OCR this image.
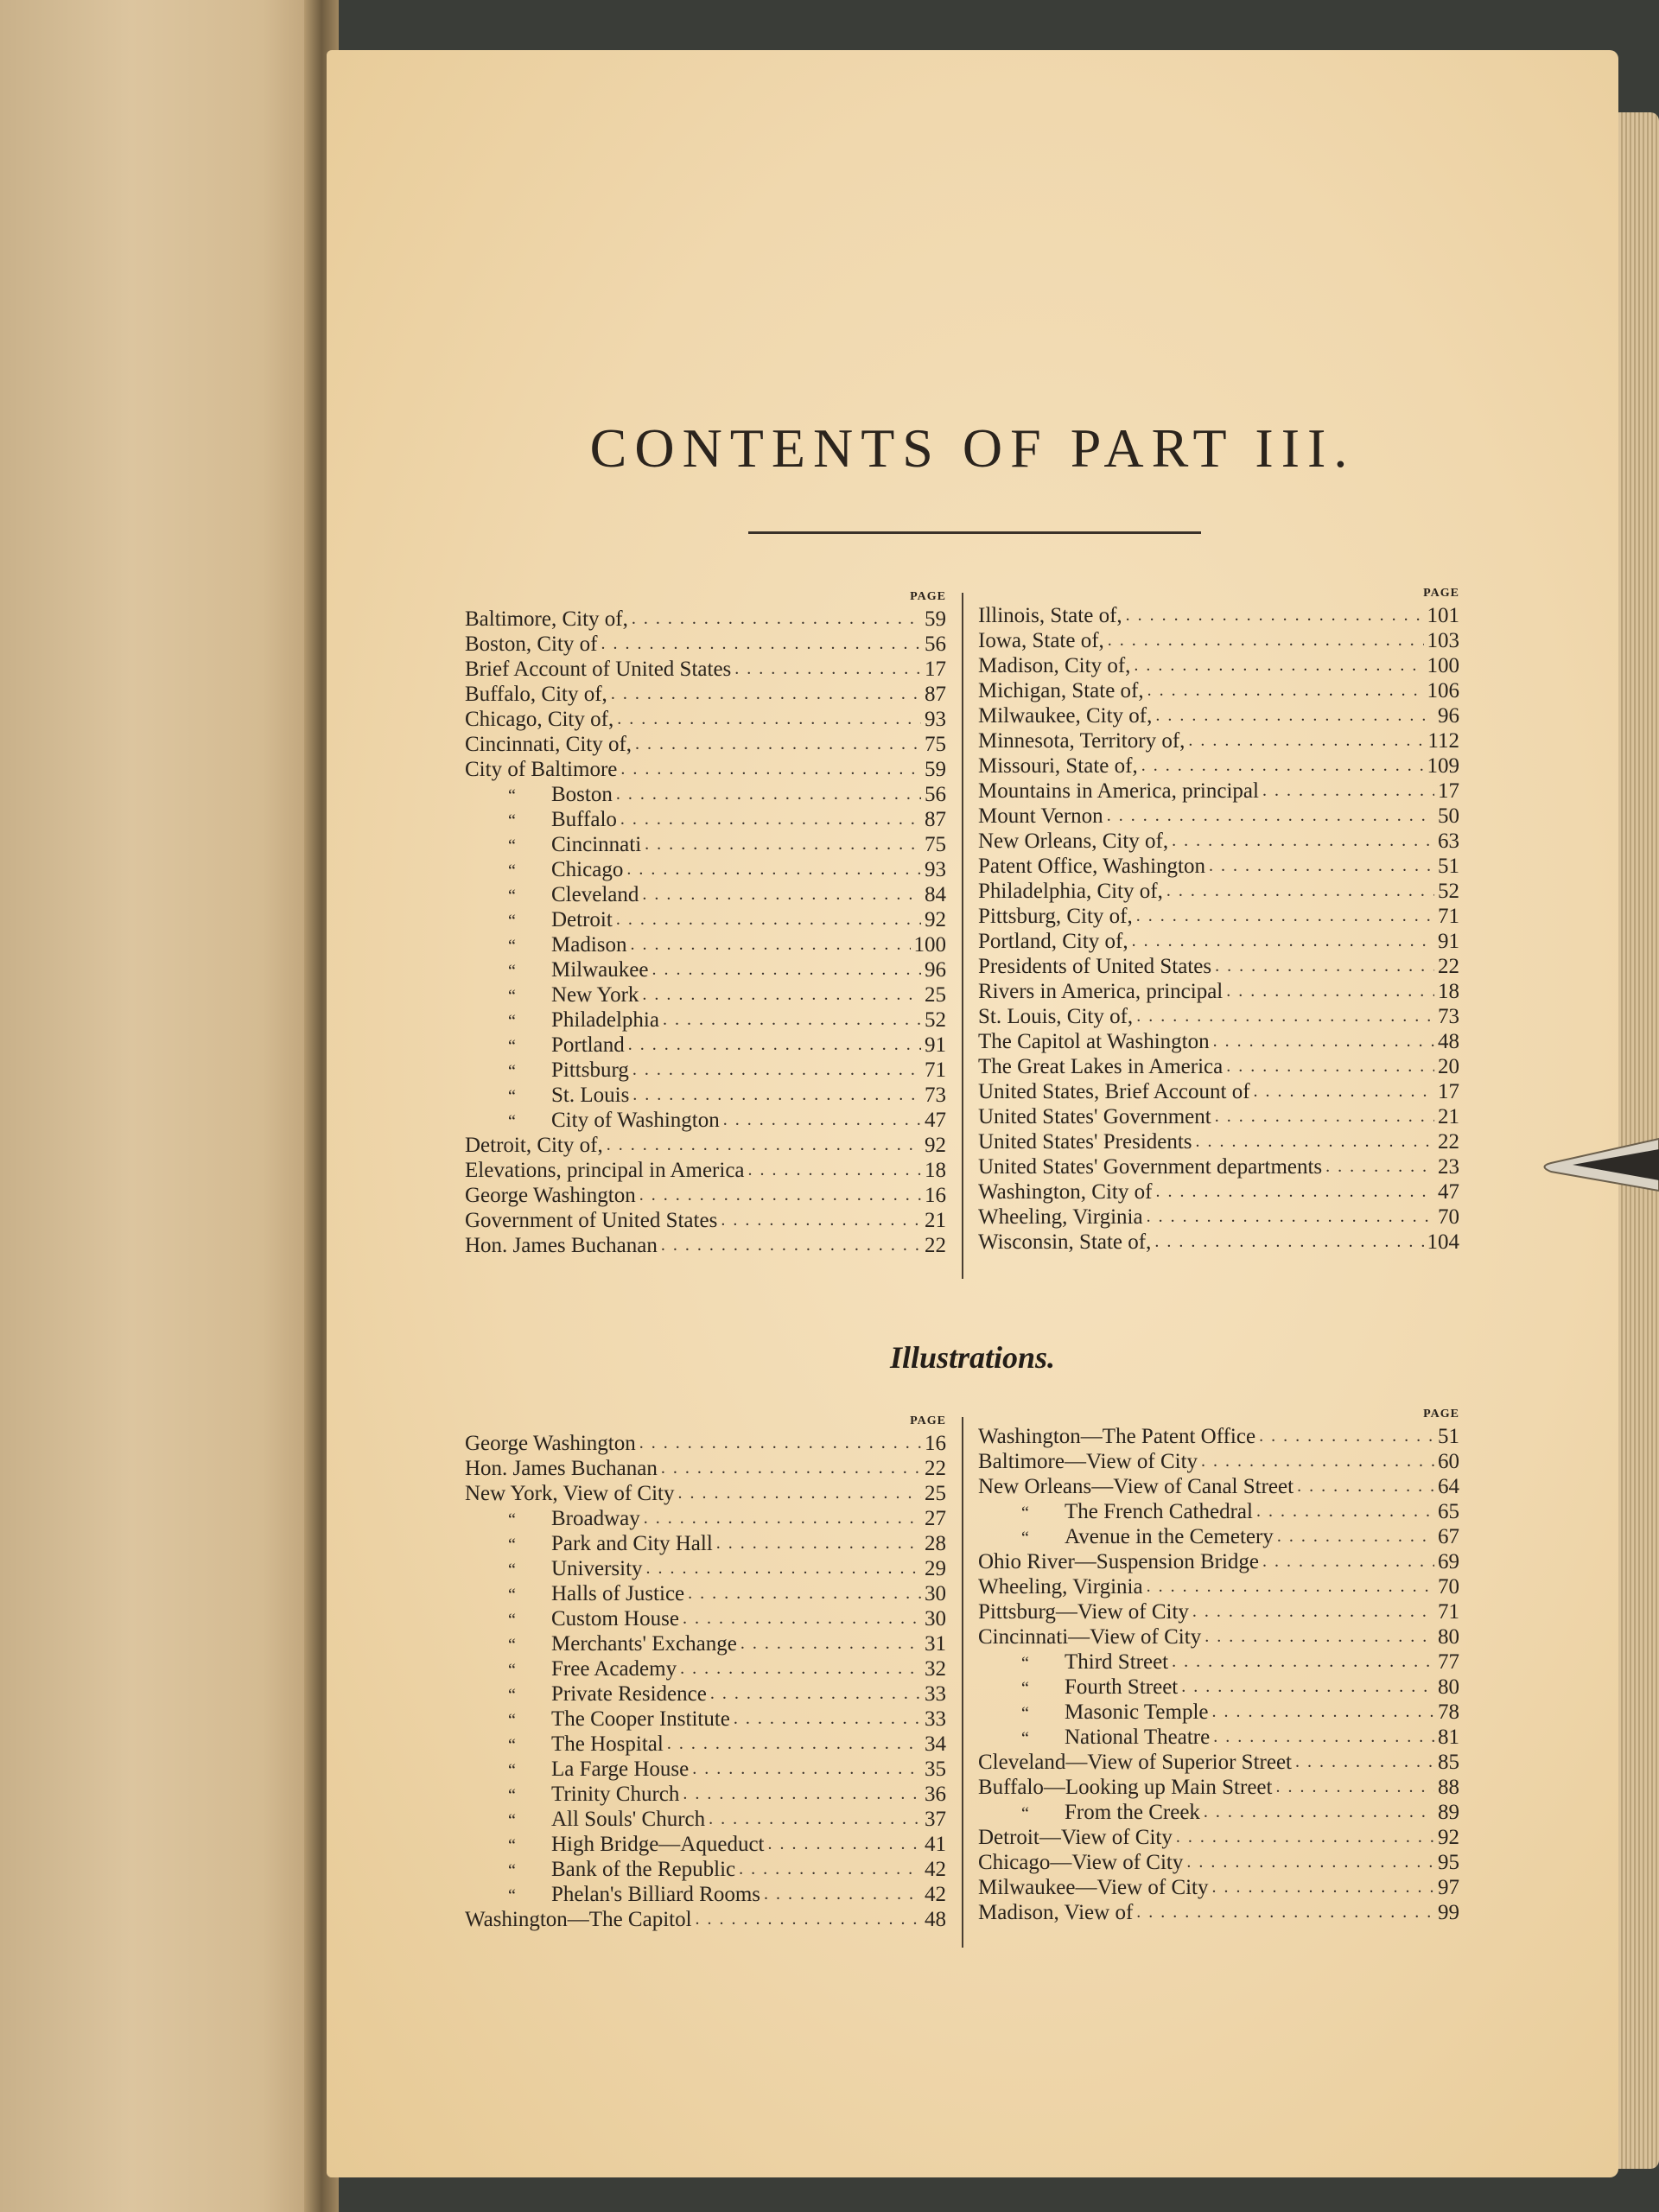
CONTENTS OF PART III.
PAGE
Baltimore, City of, . . .	59
Boston, City of . . .	56
Brief Account of United States . . .	17
Buffalo, City of, . . .	87
Chicago, City of, . . .	93
Cincinnati, City of, . . .	75
City of Baltimore . . .	59
“ Boston . . .	56
“ Buffalo . . .	87
“ Cincinnati . . .	75
“ Chicago . . .	93
“ Cleveland . . .	84
“ Detroit . . .	92
“ Madison . . .	100
“ Milwaukee . . .	96
“ New York . . .	25
“ Philadelphia . . .	52
“ Portland . . .	91
“ Pittsburg . . .	71
“ St. Louis . . .	73
“ City of Washington . . .	47
Detroit, City of, . . .	92
Elevations, principal in America . . .	18
George Washington . . .	16
Government of United States . . .	21
Hon. James Buchanan . . .	22
PAGE
Illinois, State of, . . .	101
Iowa, State of, . . .	103
Madison, City of, . . .	100
Michigan, State of, . . .	106
Milwaukee, City of, . . .	96
Minnesota, Territory of, . . .	112
Missouri, State of, . . .	109
Mountains in America, principal . . .	17
Mount Vernon . . .	50
New Orleans, City of, . . .	63
Patent Office, Washington . . .	51
Philadelphia, City of, . . .	52
Pittsburg, City of, . . .	71
Portland, City of, . . .	91
Presidents of United States . . .	22
Rivers in America, principal . . .	18
St. Louis, City of, . . .	73
The Capitol at Washington . . .	48
The Great Lakes in America . . .	20
United States, Brief Account of . . .	17
United States' Government . . .	21
United States' Presidents . . .	22
United States' Government departments . . .	23
Washington, City of . . .	47
Wheeling, Virginia . . .	70
Wisconsin, State of, . . .	104
Illustrations.
PAGE
George Washington . . .	16
Hon. James Buchanan . . .	22
New York, View of City . . .	25
“ Broadway . . .	27
“ Park and City Hall . . .	28
“ University . . .	29
“ Halls of Justice . . .	30
“ Custom House . . .	30
“ Merchants' Exchange . . .	31
“ Free Academy . . .	32
“ Private Residence . . .	33
“ The Cooper Institute . . .	33
“ The Hospital . . .	34
“ La Farge House . . .	35
“ Trinity Church . . .	36
“ All Souls' Church . . .	37
“ High Bridge—Aqueduct . . .	41
“ Bank of the Republic . . .	42
“ Phelan's Billiard Rooms . . .	42
Washington—The Capitol . . .	48
PAGE
Washington—The Patent Office . . .	51
Baltimore—View of City . . .	60
New Orleans—View of Canal Street . . .	64
“ The French Cathedral . . .	65
“ Avenue in the Cemetery . . .	67
Ohio River—Suspension Bridge . . .	69
Wheeling, Virginia . . .	70
Pittsburg—View of City . . .	71
Cincinnati—View of City . . .	80
“ Third Street . . .	77
“ Fourth Street . . .	80
“ Masonic Temple . . .	78
“ National Theatre . . .	81
Cleveland—View of Superior Street . . .	85
Buffalo—Looking up Main Street . . .	88
“ From the Creek . . .	89
Detroit—View of City . . .	92
Chicago—View of City . . .	95
Milwaukee—View of City . . .	97
Madison, View of . . .	99
